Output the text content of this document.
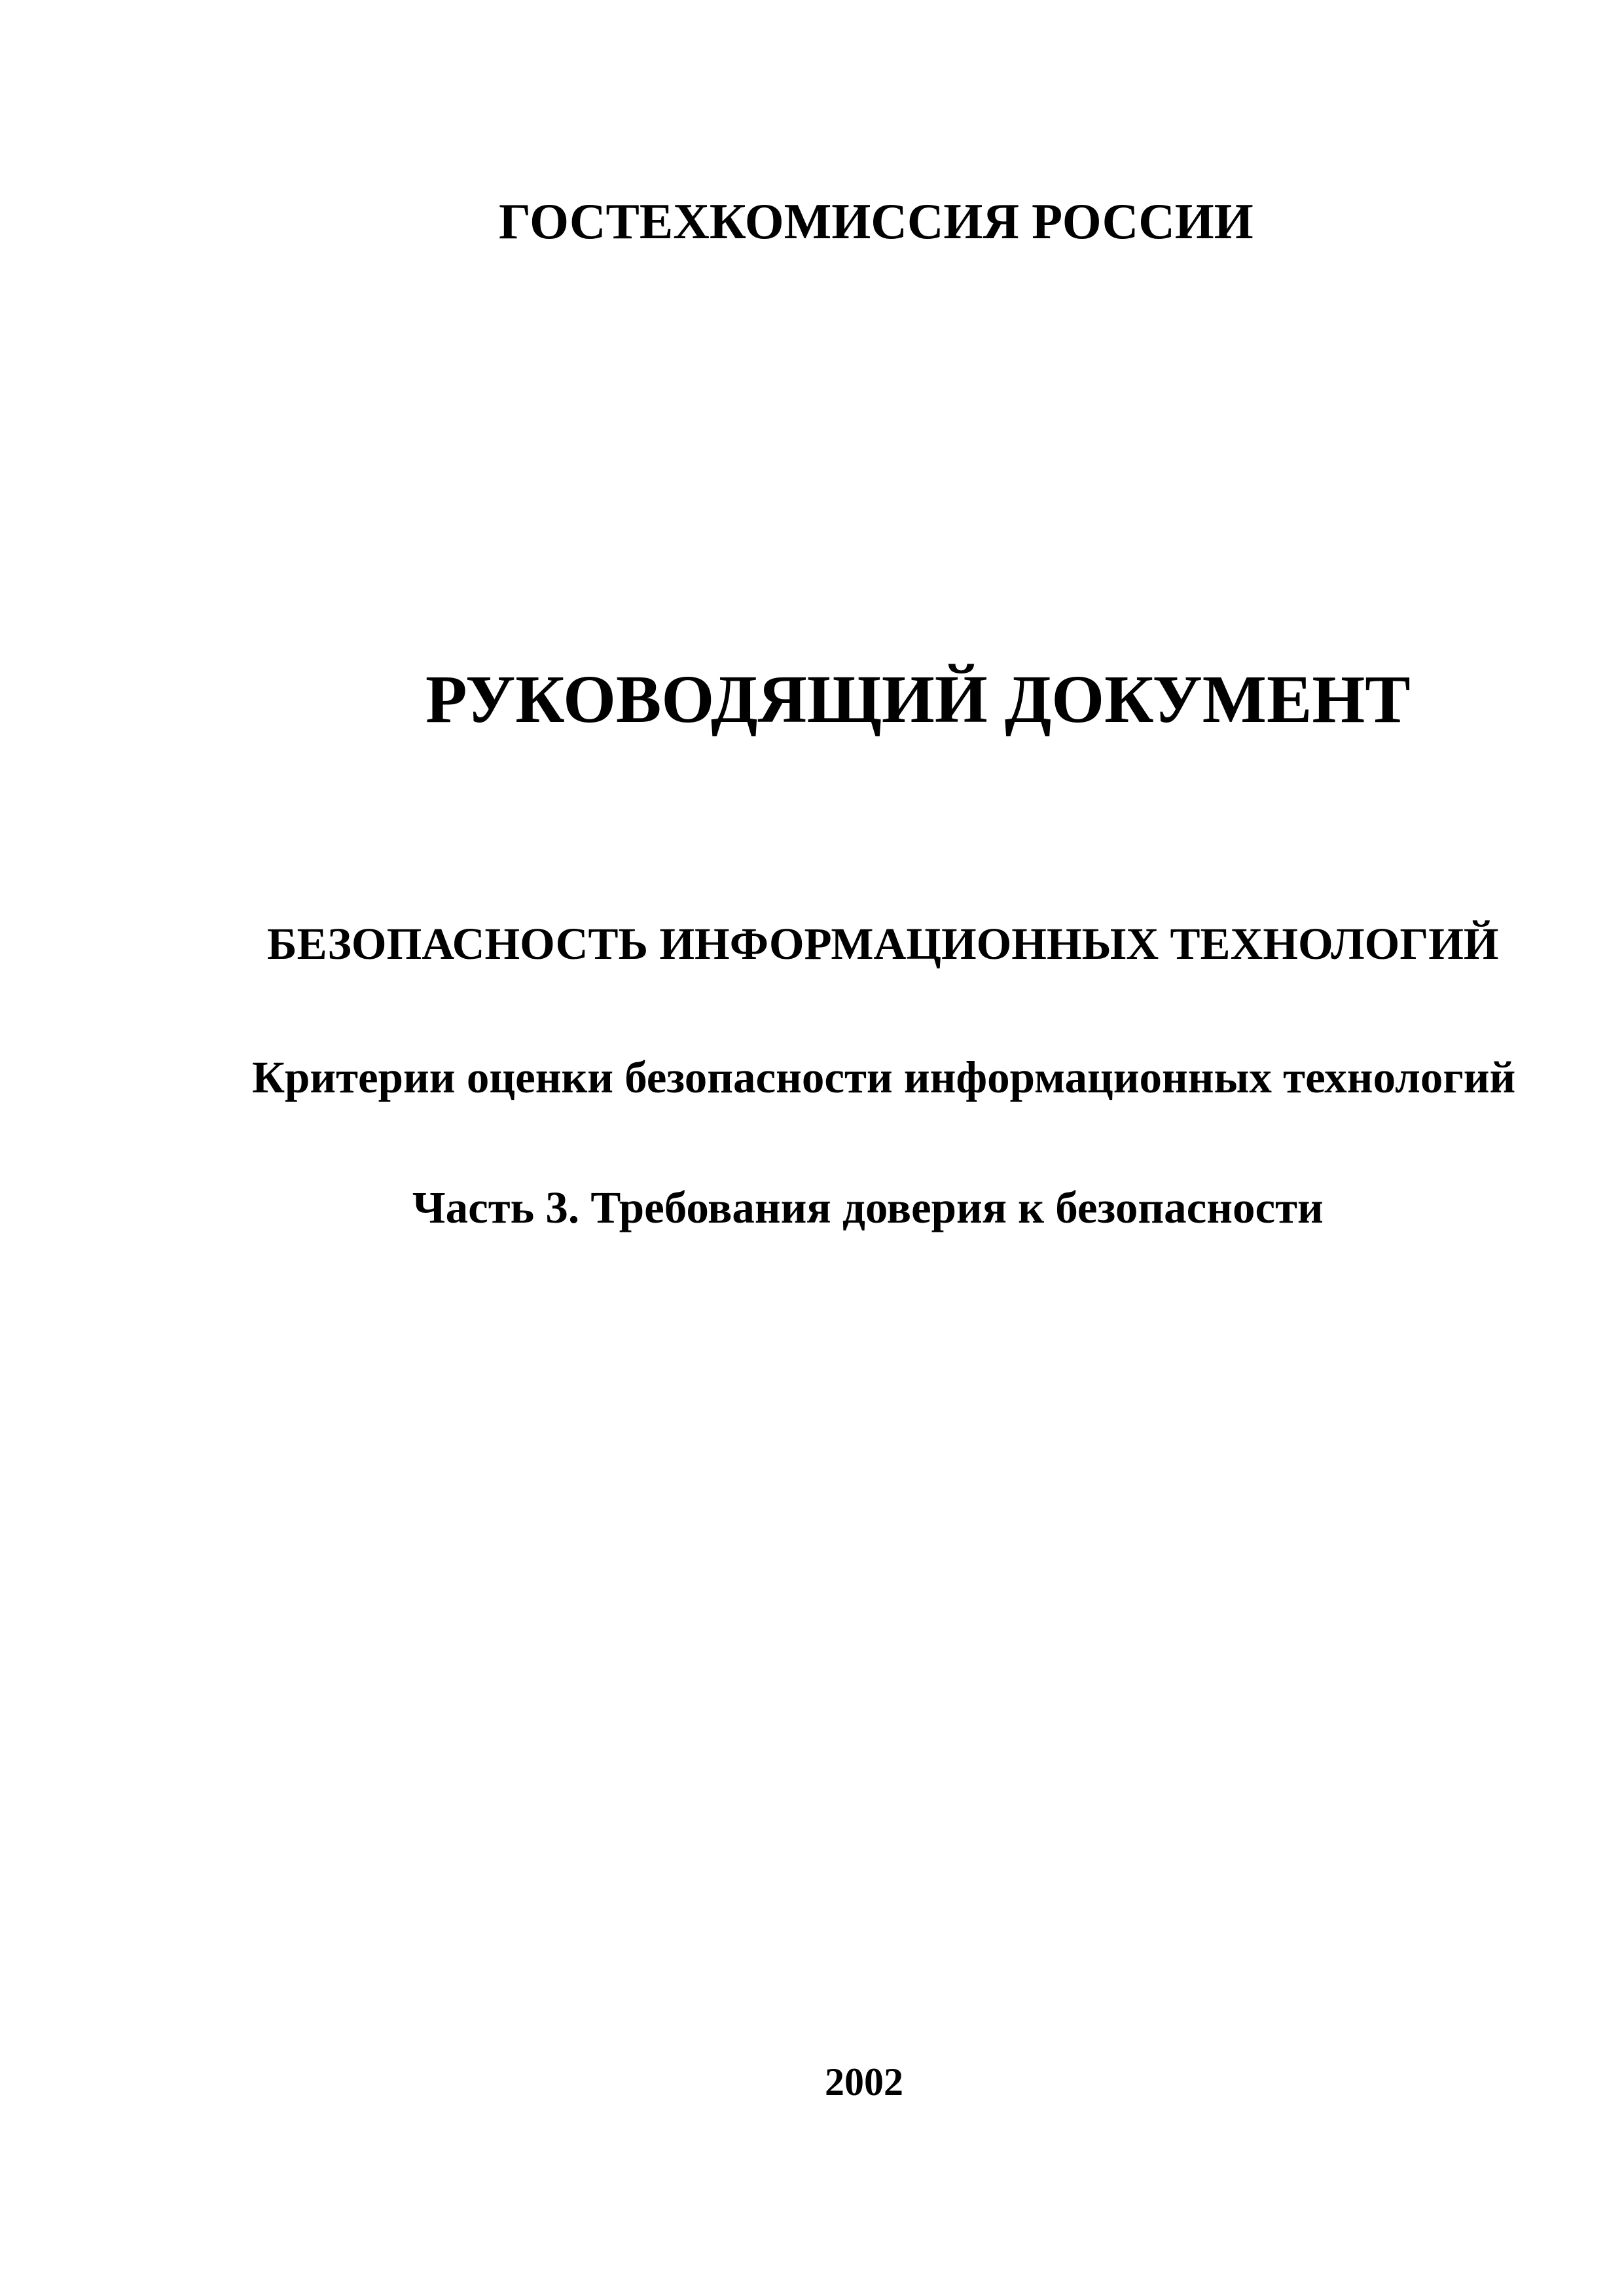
ГОСТЕХКОМИССИЯ РОССИИ
РУКОВОДЯЩИЙ ДОКУМЕНТ
БЕЗОПАСНОСТЬ ИНФОРМАЦИОННЫХ ТЕХНОЛОГИЙ
Критерии оценки безопасности информационных технологий
Часть 3. Требования доверия к безопасности
2002
